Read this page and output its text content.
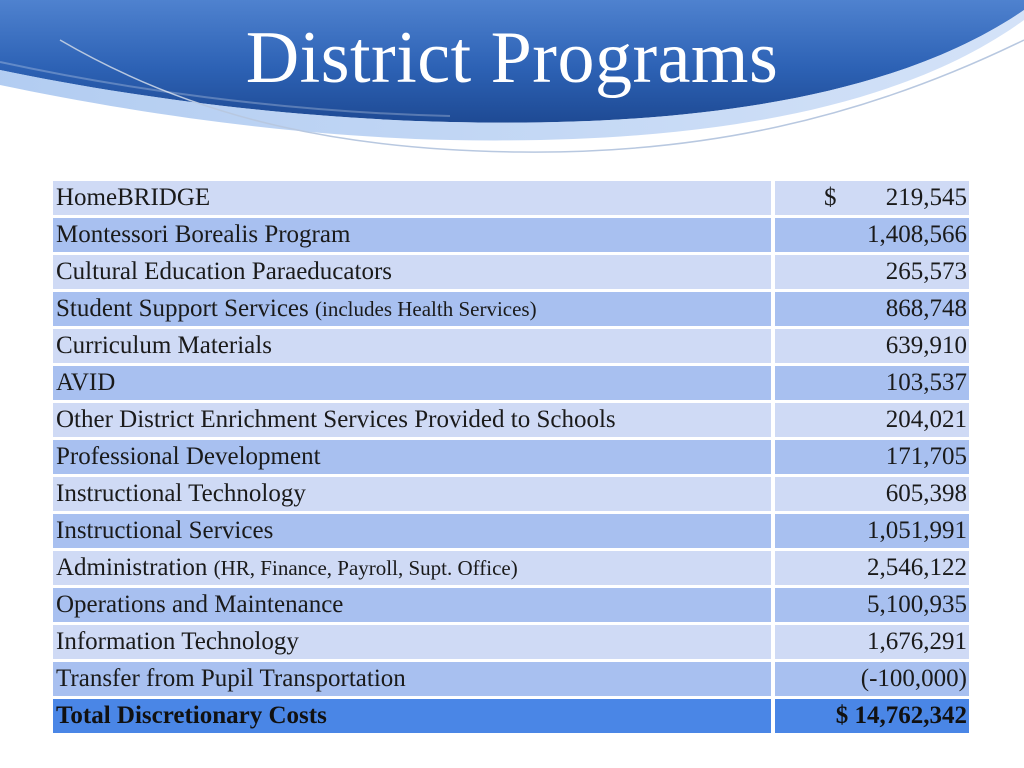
District Programs
HomeBRIDGE	$ 219,545

Montessori Borealis Program	1,408,566
Cultural Education Paraeducators	265,573
Student Support Services (includes Health Services)	868,748
Curriculum Materials	639,910
AVID	103,537
Other District Enrichment Services Provided to Schools	204,021
Professional Development	171,705
Instructional Technology	605,398
Instructional Services	1,051,991
Administration (HR, Finance, Payroll, Supt. Office)	2,546,122
Operations and Maintenance	5,100,935
Information Technology	1,676,291
Transfer from Pupil Transportation	(-100,000)
Total Discretionary Costs	$ 14,762,342
